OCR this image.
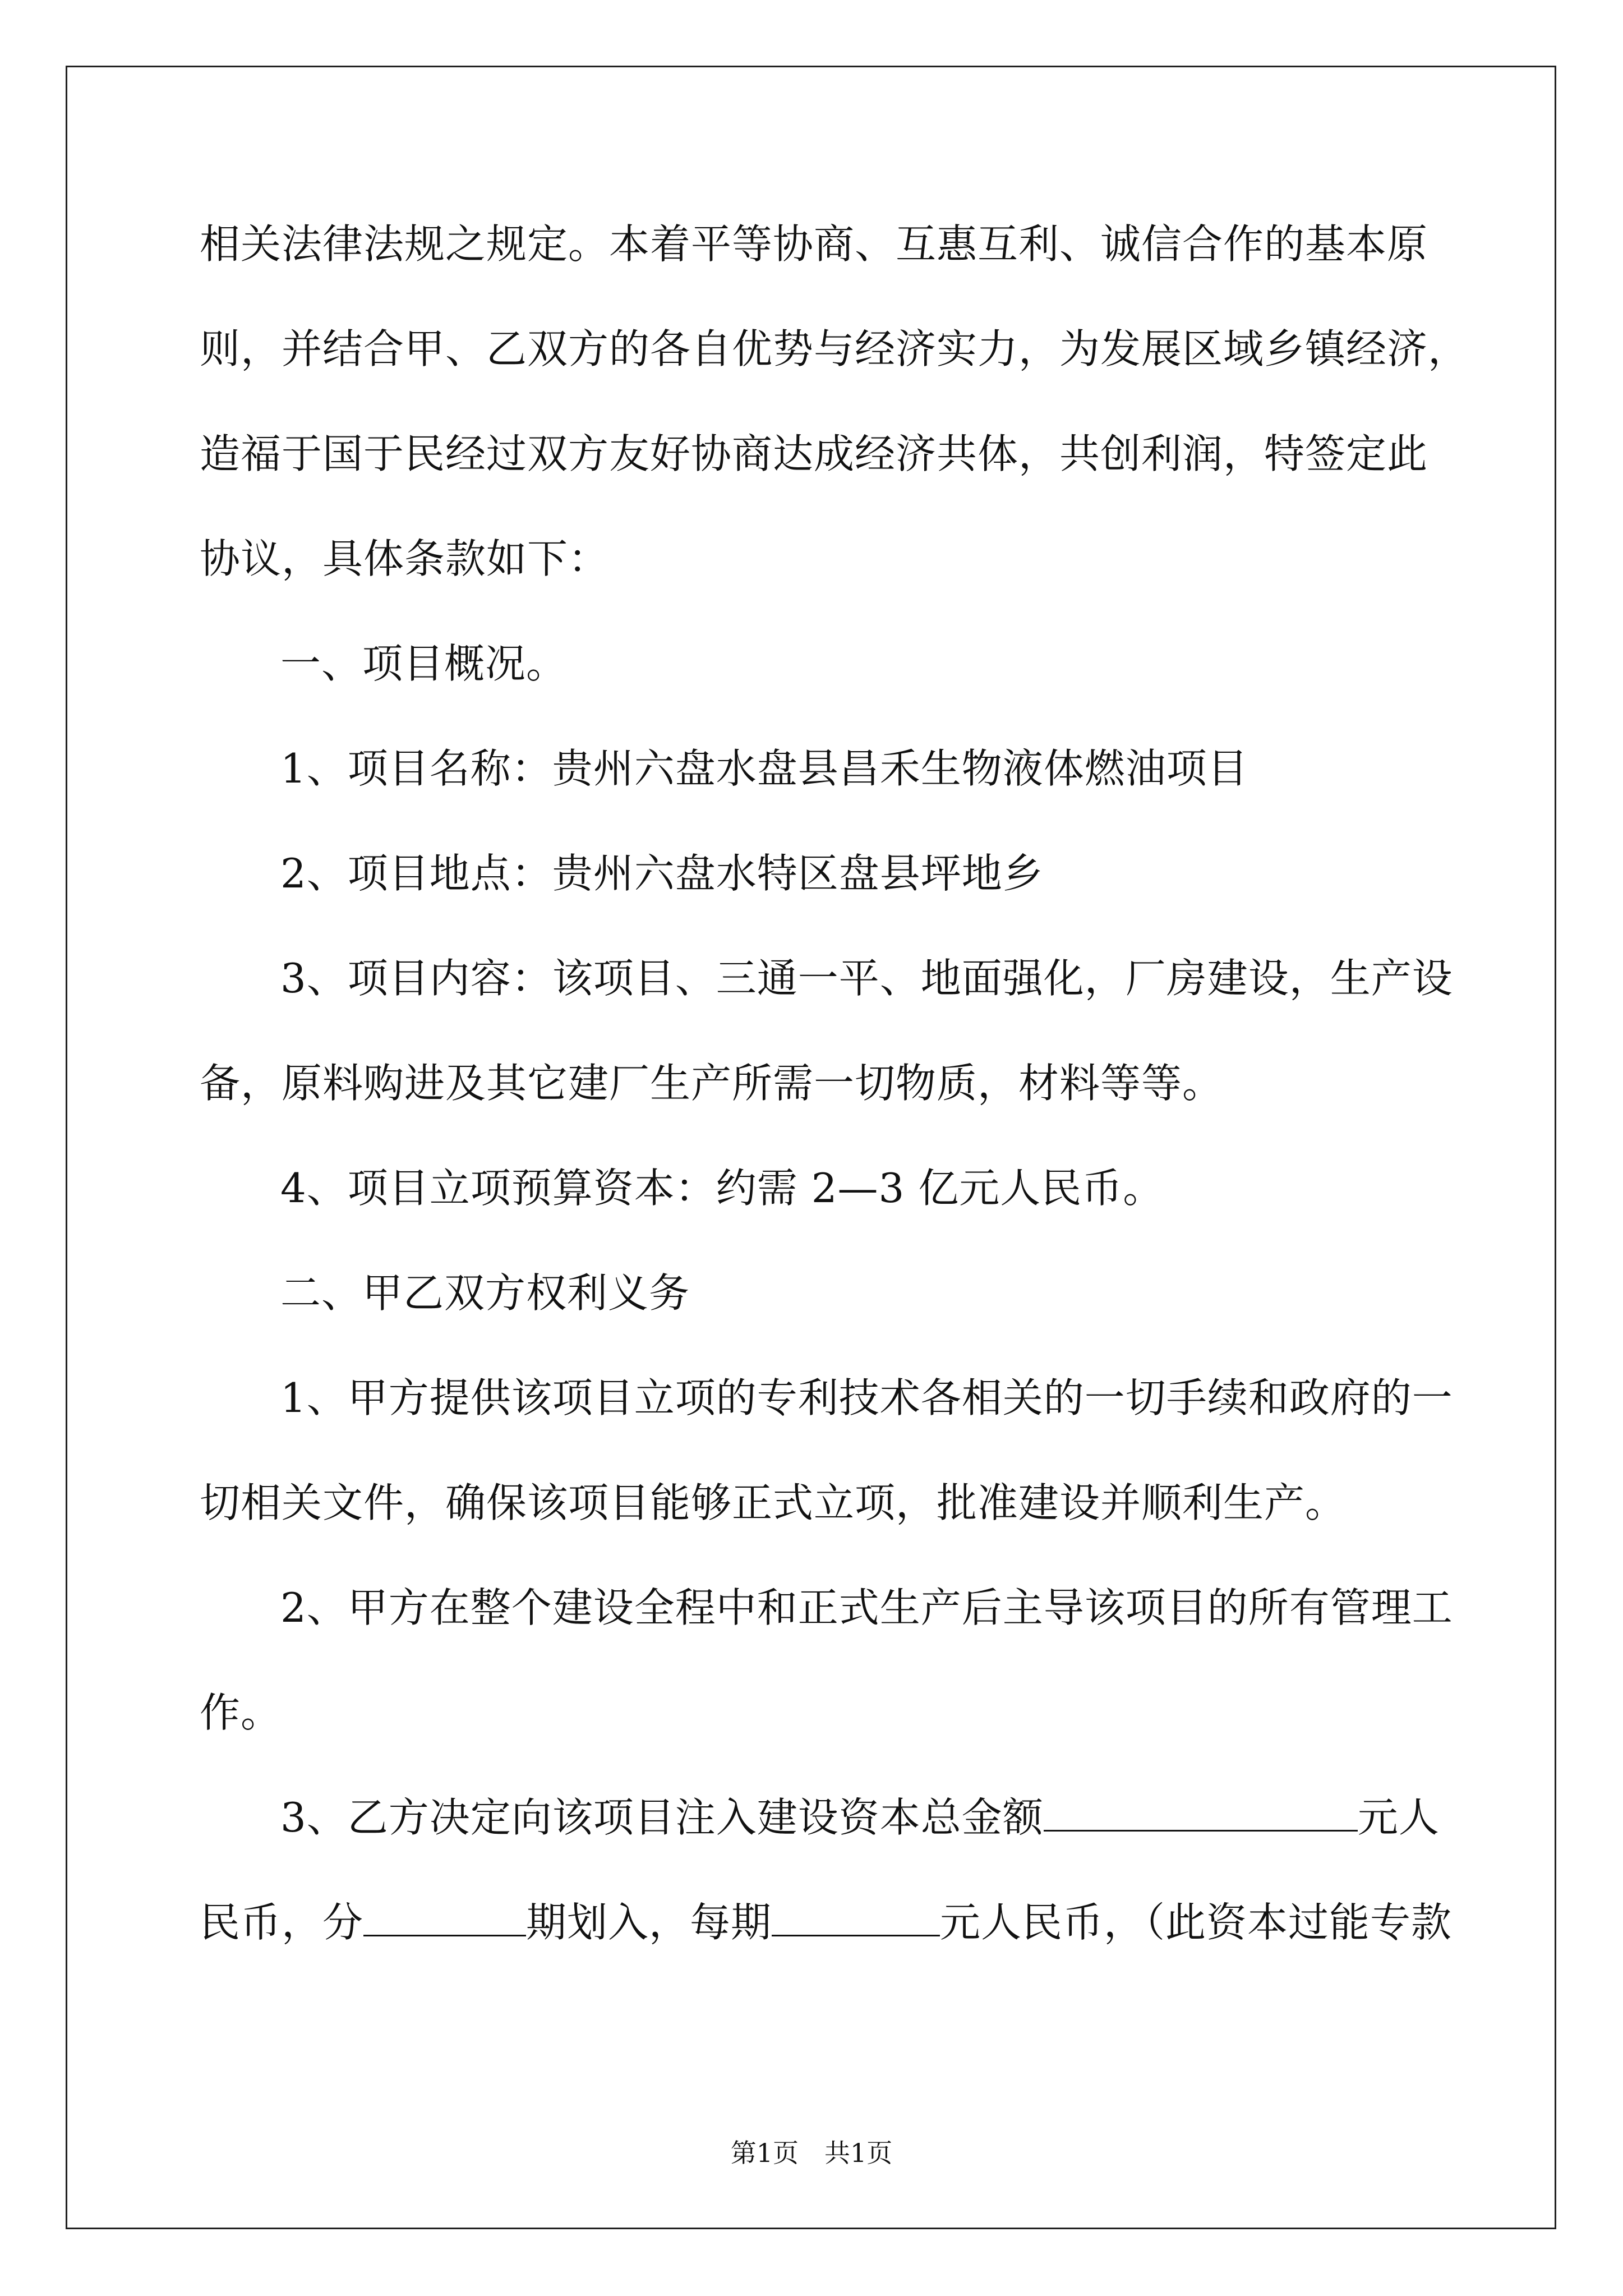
相关法律法规之规定。本着平等协商、互惠互利、诚信合作的基本原
则，并结合甲、乙双方的各自优势与经济实力，为发展区域乡镇经济，
造福于国于民经过双方友好协商达成经济共体，共创利润，特签定此
协议，具体条款如下：
一、项目概况。
1、项目名称：贵州六盘水盘县昌禾生物液体燃油项目
2、项目地点：贵州六盘水特区盘县坪地乡
3、项目内容：该项目、三通一平、地面强化，厂房建设，生产设
备，原料购进及其它建厂生产所需一切物质，材料等等。
4、项目立项预算资本：约需 2—3 亿元人民币。
二、甲乙双方权利义务
1、甲方提供该项目立项的专利技术各相关的一切手续和政府的一
切相关文件，确保该项目能够正式立项，批准建设并顺利生产。
2、甲方在整个建设全程中和正式生产后主导该项目的所有管理工
作。
3、乙方决定向该项目注入建设资本总金额	元人
民币，分	期划入，每期	元人民币，（此资本过能专款
第1页　共1页
